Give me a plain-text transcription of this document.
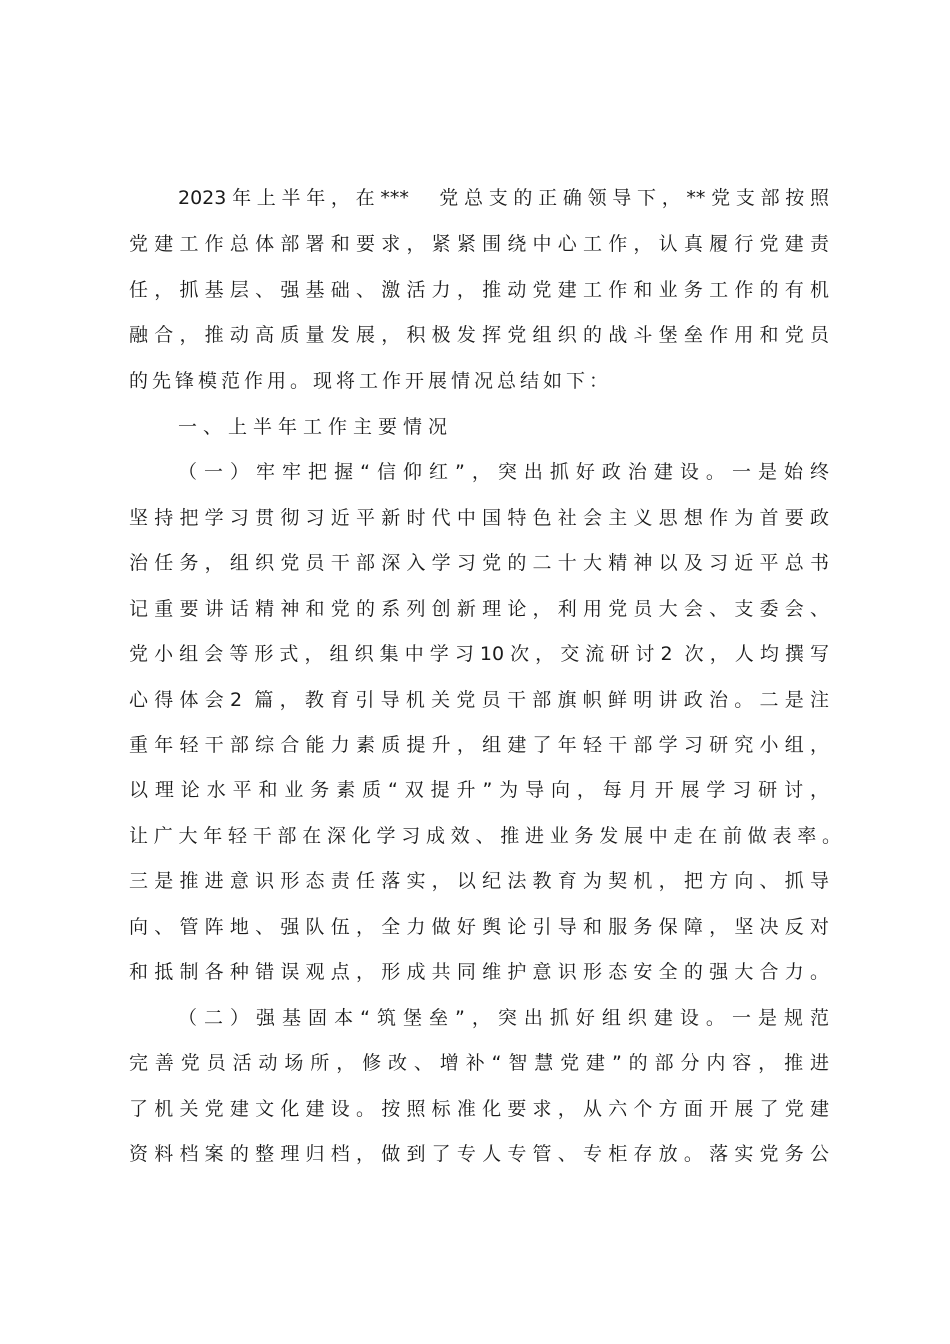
2023年上半年，在***　党总支的正确领导下，**党支部按照
党建工作总体部署和要求，紧紧围绕中心工作，认真履行党建责
任，抓基层、强基础、激活力，推动党建工作和业务工作的有机
融合，推动高质量发展，积极发挥党组织的战斗堡垒作用和党员
的先锋模范作用。现将工作开展情况总结如下：
一、上半年工作主要情况
（一）牢牢把握“信仰红”，突出抓好政治建设。一是始终
坚持把学习贯彻习近平新时代中国特色社会主义思想作为首要政
治任务，组织党员干部深入学习党的二十大精神以及习近平总书
记重要讲话精神和党的系列创新理论，利用党员大会、支委会、
党小组会等形式，组织集中学习10次，交流研讨2 次，人均撰写
心得体会2 篇，教育引导机关党员干部旗帜鲜明讲政治。二是注
重年轻干部综合能力素质提升，组建了年轻干部学习研究小组，
以理论水平和业务素质“双提升”为导向，每月开展学习研讨，
让广大年轻干部在深化学习成效、推进业务发展中走在前做表率。
三是推进意识形态责任落实，以纪法教育为契机，把方向、抓导
向、管阵地、强队伍，全力做好舆论引导和服务保障，坚决反对
和抵制各种错误观点，形成共同维护意识形态安全的强大合力。
（二）强基固本“筑堡垒”，突出抓好组织建设。一是规范
完善党员活动场所，修改、增补“智慧党建”的部分内容，推进
了机关党建文化建设。按照标准化要求，从六个方面开展了党建
资料档案的整理归档，做到了专人专管、专柜存放。落实党务公
